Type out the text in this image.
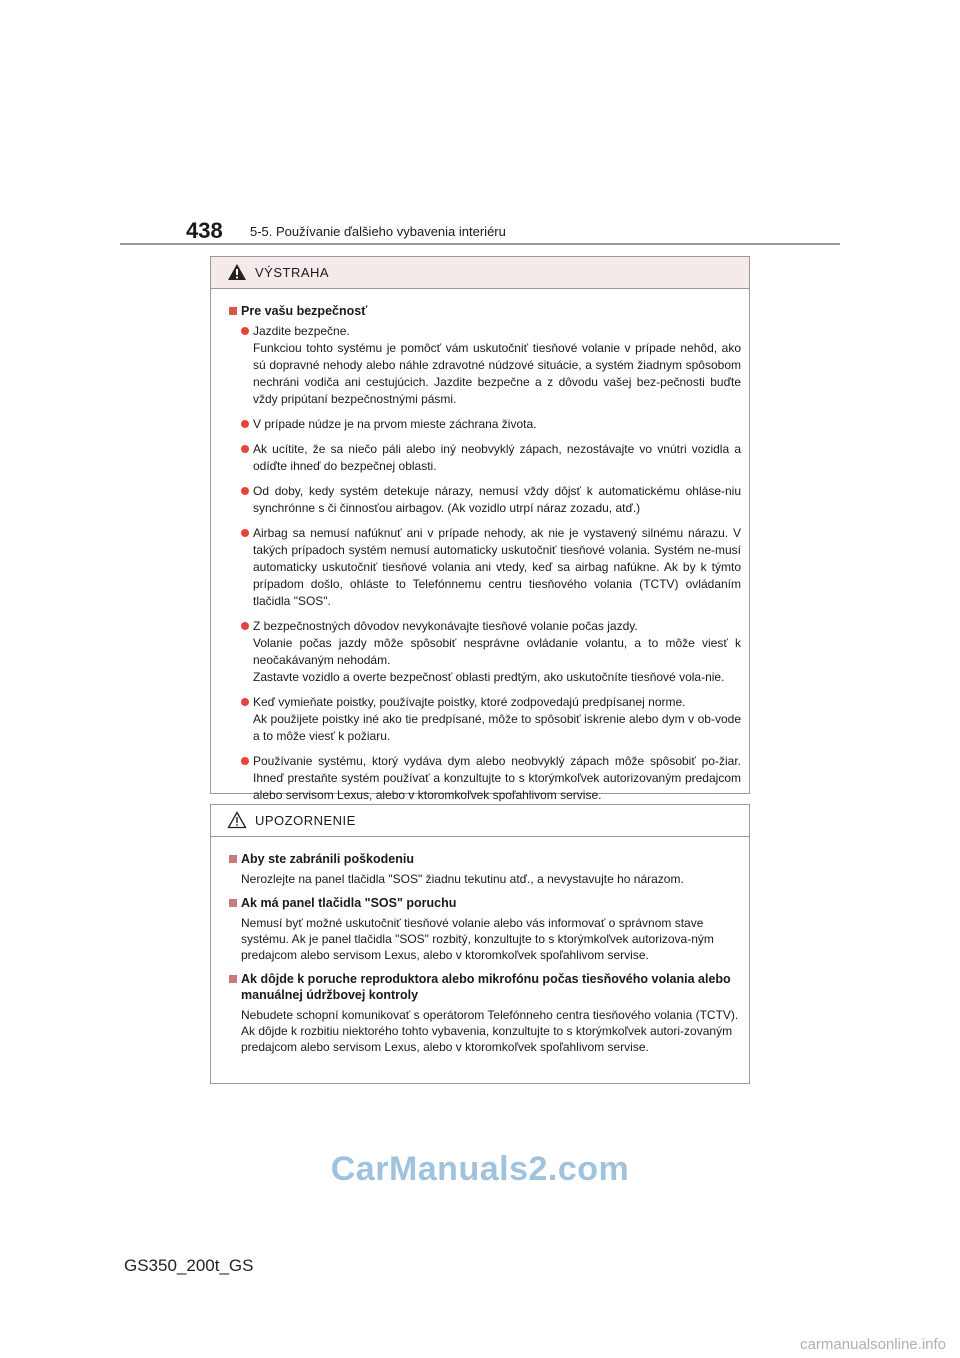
438 5-5. Používanie ďalšieho vybavenia interiéru
VÝSTRAHA
Pre vašu bezpečnosť
Jazdite bezpečne.
Funkciou tohto systému je pomôcť vám uskutočniť tiesňové volanie v prípade nehôd, ako sú dopravné nehody alebo náhle zdravotné núdzové situácie, a systém žiadnym spôsobom nechráni vodiča ani cestujúcich. Jazdite bezpečne a z dôvodu vašej bez-pečnosti buďte vždy pripútaní bezpečnostnými pásmi.
V prípade núdze je na prvom mieste záchrana života.
Ak ucítite, že sa niečo páli alebo iný neobvyklý zápach, nezostávajte vo vnútri vozidla a odíďte ihneď do bezpečnej oblasti.
Od doby, kedy systém detekuje nárazy, nemusí vždy dôjsť k automatickému ohláse-niu synchrónne s či činnosťou airbagov. (Ak vozidlo utrpí náraz zozadu, atď.)
Airbag sa nemusí nafúknuť ani v prípade nehody, ak nie je vystavený silnému nárazu. V takých prípadoch systém nemusí automaticky uskutočniť tiesňové volania. Systém ne-musí automaticky uskutočniť tiesňové volania ani vtedy, keď sa airbag nafúkne. Ak by k týmto prípadom došlo, ohláste to Telefónnemu centru tiesňového volania (TCTV) ovládaním tlačidla "SOS".
Z bezpečnostných dôvodov nevykonávajte tiesňové volanie počas jazdy.
Volanie počas jazdy môže spôsobiť nesprávne ovládanie volantu, a to môže viesť k neočakávaným nehodám.
Zastavte vozidlo a overte bezpečnosť oblasti predtým, ako uskutočníte tiesňové vola-nie.
Keď vymieňate poistky, používajte poistky, ktoré zodpovedajú predpísanej norme.
Ak použijete poistky iné ako tie predpísané, môže to spôsobiť iskrenie alebo dym v ob-vode a to môže viesť k požiaru.
Používanie systému, ktorý vydáva dym alebo neobvyklý zápach môže spôsobiť po-žiar. Ihneď prestaňte systém používať a konzultujte to s ktorýmkoľvek autorizovaným predajcom alebo servisom Lexus, alebo v ktoromkoľvek spoľahlivom servise.
UPOZORNENIE
Aby ste zabránili poškodeniu
Nerozlejte na panel tlačidla "SOS" žiadnu tekutinu atď., a nevystavujte ho nárazom.
Ak má panel tlačidla "SOS" poruchu
Nemusí byť možné uskutočniť tiesňové volanie alebo vás informovať o správnom stave systému. Ak je panel tlačidla "SOS" rozbitý, konzultujte to s ktorýmkoľvek autorizova-ným predajcom alebo servisom Lexus, alebo v ktoromkoľvek spoľahlivom servise.
Ak dôjde k poruche reproduktora alebo mikrofónu počas tiesňového volania alebo manuálnej údržbovej kontroly
Nebudete schopní komunikovať s operátorom Telefónneho centra tiesňového volania (TCTV).
Ak dôjde k rozbitiu niektorého tohto vybavenia, konzultujte to s ktorýmkoľvek autori-zovaným predajcom alebo servisom Lexus, alebo v ktoromkoľvek spoľahlivom servise.
CarManuals2.com
GS350_200t_GS
carmanualsonline.info
